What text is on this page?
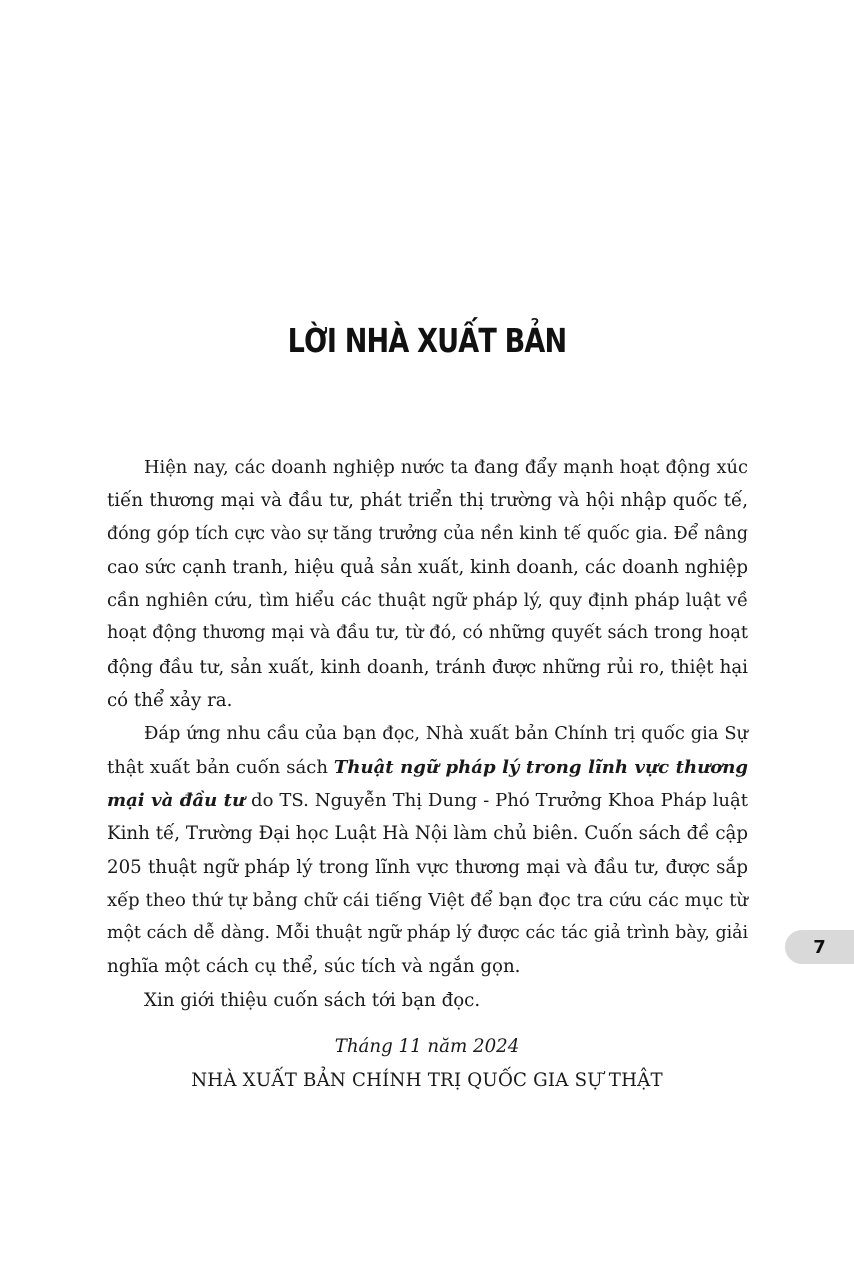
LỜI NHÀ XUẤT BẢN

Hiện nay, các doanh nghiệp nước ta đang đẩy mạnh hoạt động xúc
tiến thương mại và đầu tư, phát triển thị trường và hội nhập quốc tế,
đóng góp tích cực vào sự tăng trưởng của nền kinh tế quốc gia. Để nâng
cao sức cạnh tranh, hiệu quả sản xuất, kinh doanh, các doanh nghiệp
cần nghiên cứu, tìm hiểu các thuật ngữ pháp lý, quy định pháp luật về
hoạt động thương mại và đầu tư, từ đó, có những quyết sách trong hoạt
động đầu tư, sản xuất, kinh doanh, tránh được những rủi ro, thiệt hại
có thể xảy ra.

Đáp ứng nhu cầu của bạn đọc, Nhà xuất bản Chính trị quốc gia Sự
thật xuất bản cuốn sách Thuật ngữ pháp lý trong lĩnh vực thương
mại và đầu tư do TS. Nguyễn Thị Dung - Phó Trưởng Khoa Pháp luật
Kinh tế, Trường Đại học Luật Hà Nội làm chủ biên. Cuốn sách đề cập
205 thuật ngữ pháp lý trong lĩnh vực thương mại và đầu tư, được sắp
xếp theo thứ tự bảng chữ cái tiếng Việt để bạn đọc tra cứu các mục từ
một cách dễ dàng. Mỗi thuật ngữ pháp lý được các tác giả trình bày, giải
nghĩa một cách cụ thể, súc tích và ngắn gọn.

Xin giới thiệu cuốn sách tới bạn đọc.

Tháng 11 năm 2024
NHÀ XUẤT BẢN CHÍNH TRỊ QUỐC GIA SỰ THẬT
7
